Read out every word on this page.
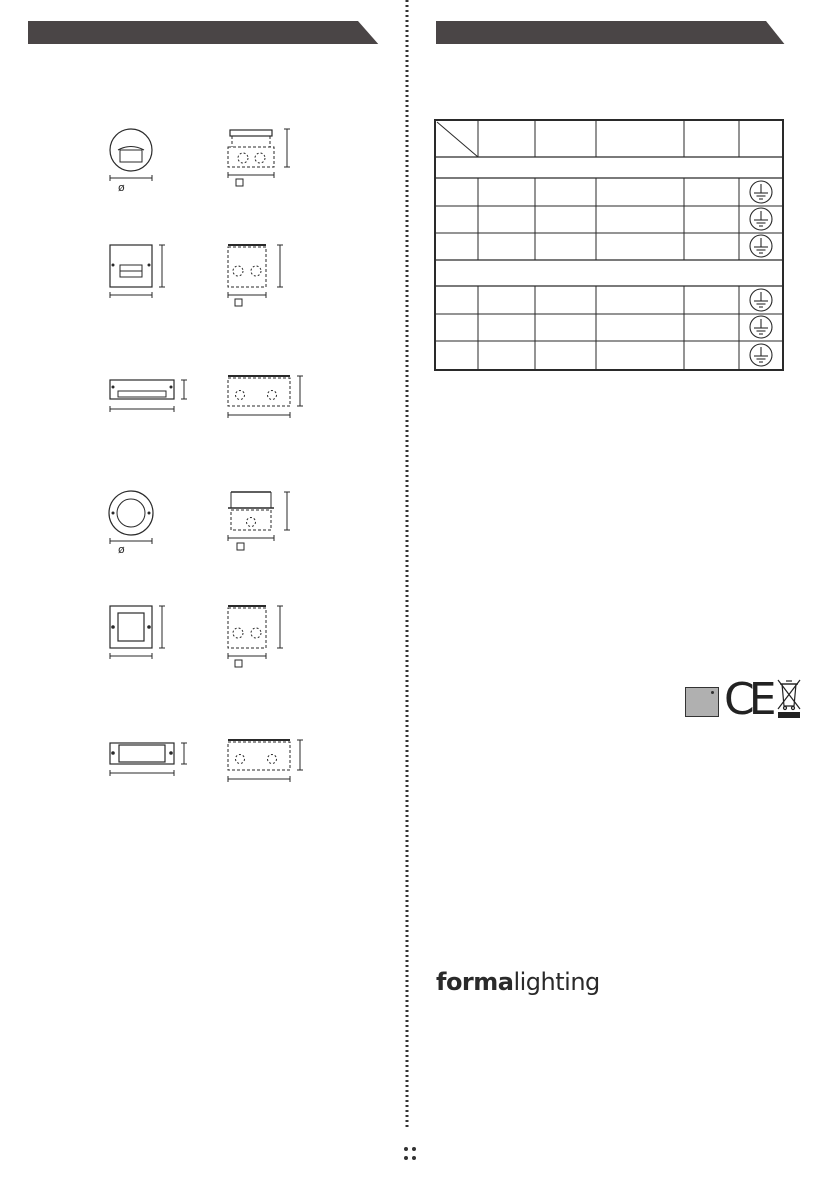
ø
ø
CE
formalighting
